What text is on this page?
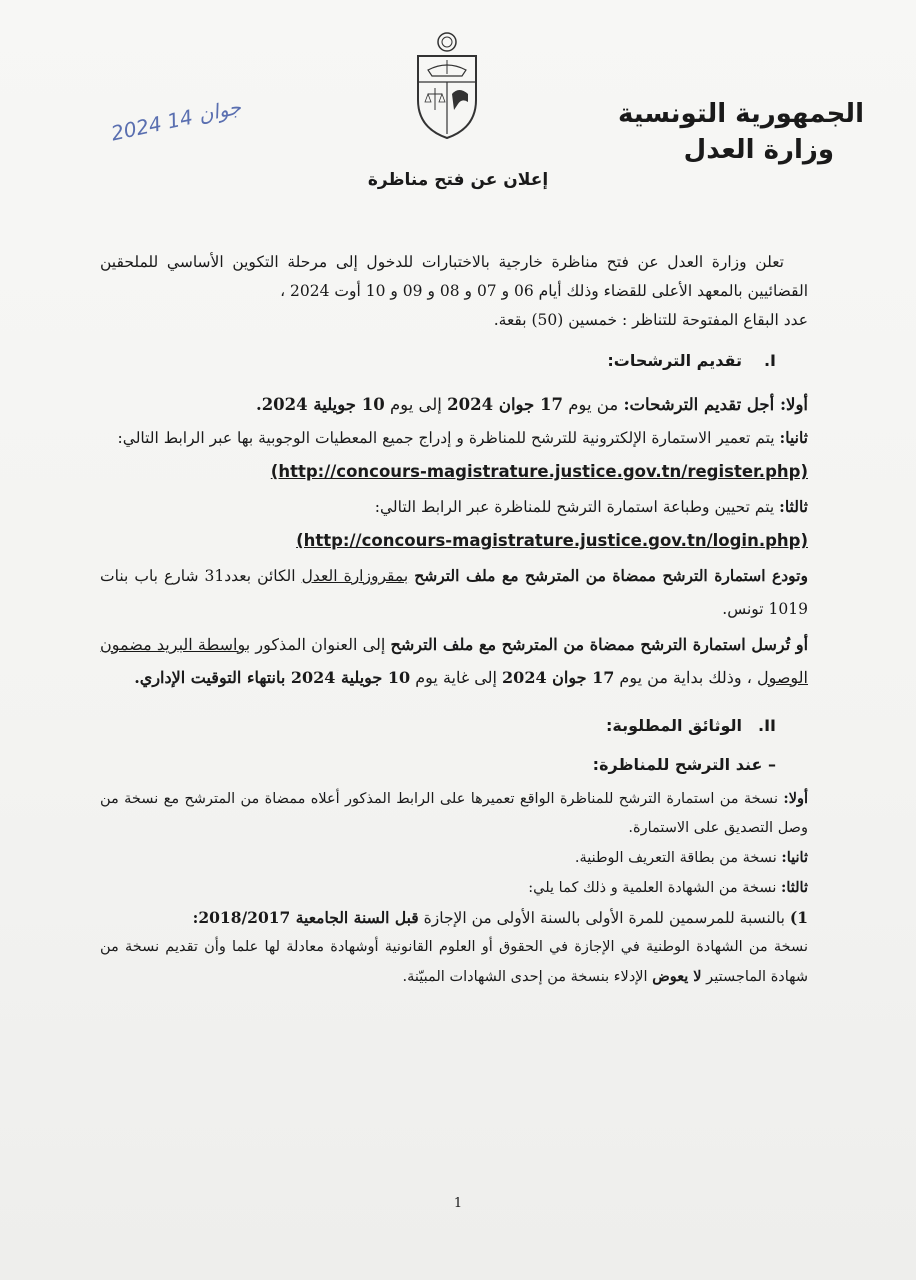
2024 جوان 14	الجمهورية التونسية
وزارة العدل
إعلان عن فتح مناظرة

تعلن وزارة العدل عن فتح مناظرة خارجية بالاختبارات للدخول إلى مرحلة التكوين الأساسي للملحقين القضائيين بالمعهد الأعلى للقضاء وذلك أيام 06 و 07 و 08 و 09 و 10 أوت 2024 ،
عدد البقاع المفتوحة للتناظر : خمسين (50) بقعة.

I.تقديم الترشحات:

أولا: أجل تقديم الترشحات: من يوم 17 جوان 2024 إلى يوم 10 جويلية 2024.

ثانيا: يتم تعمير الاستمارة الإلكترونية للترشح للمناظرة و إدراج جميع المعطيات الوجوبية بها عبر الرابط التالي:

(http://concours-magistrature.justice.gov.tn/register.php)

ثالثا: يتم تحيين وطباعة استمارة الترشح للمناظرة عبر الرابط التالي:

(http://concours-magistrature.justice.gov.tn/login.php)

وتودع استمارة الترشح ممضاة من المترشح مع ملف الترشح بمقروزارة العدل الكائن بعدد31 شارع باب بنات 1019 تونس.

أو تُرسل استمارة الترشح ممضاة من المترشح مع ملف الترشح إلى العنوان المذكور بواسطة البريد مضمون الوصول ، وذلك بداية من يوم 17 جوان 2024 إلى غاية يوم 10 جويلية 2024 بانتهاء التوقيت الإداري.

II.الوثائق المطلوبة:
– عند الترشح للمناظرة:

أولا: نسخة من استمارة الترشح للمناظرة الواقع تعميرها على الرابط المذكور أعلاه ممضاة من المترشح مع نسخة من وصل التصديق على الاستمارة.

ثانيا: نسخة من بطاقة التعريف الوطنية.

ثالثا: نسخة من الشهادة العلمية و ذلك كما يلي:

1) بالنسبة للمرسمين للمرة الأولى بالسنة الأولى من الإجازة قبل السنة الجامعية 2018/2017:

نسخة من الشهادة الوطنية في الإجازة في الحقوق أو العلوم القانونية أوشهادة معادلة لها علما وأن تقديم نسخة من شهادة الماجستير لا يعوض الإدلاء بنسخة من إحدى الشهادات المبيّنة.

1
